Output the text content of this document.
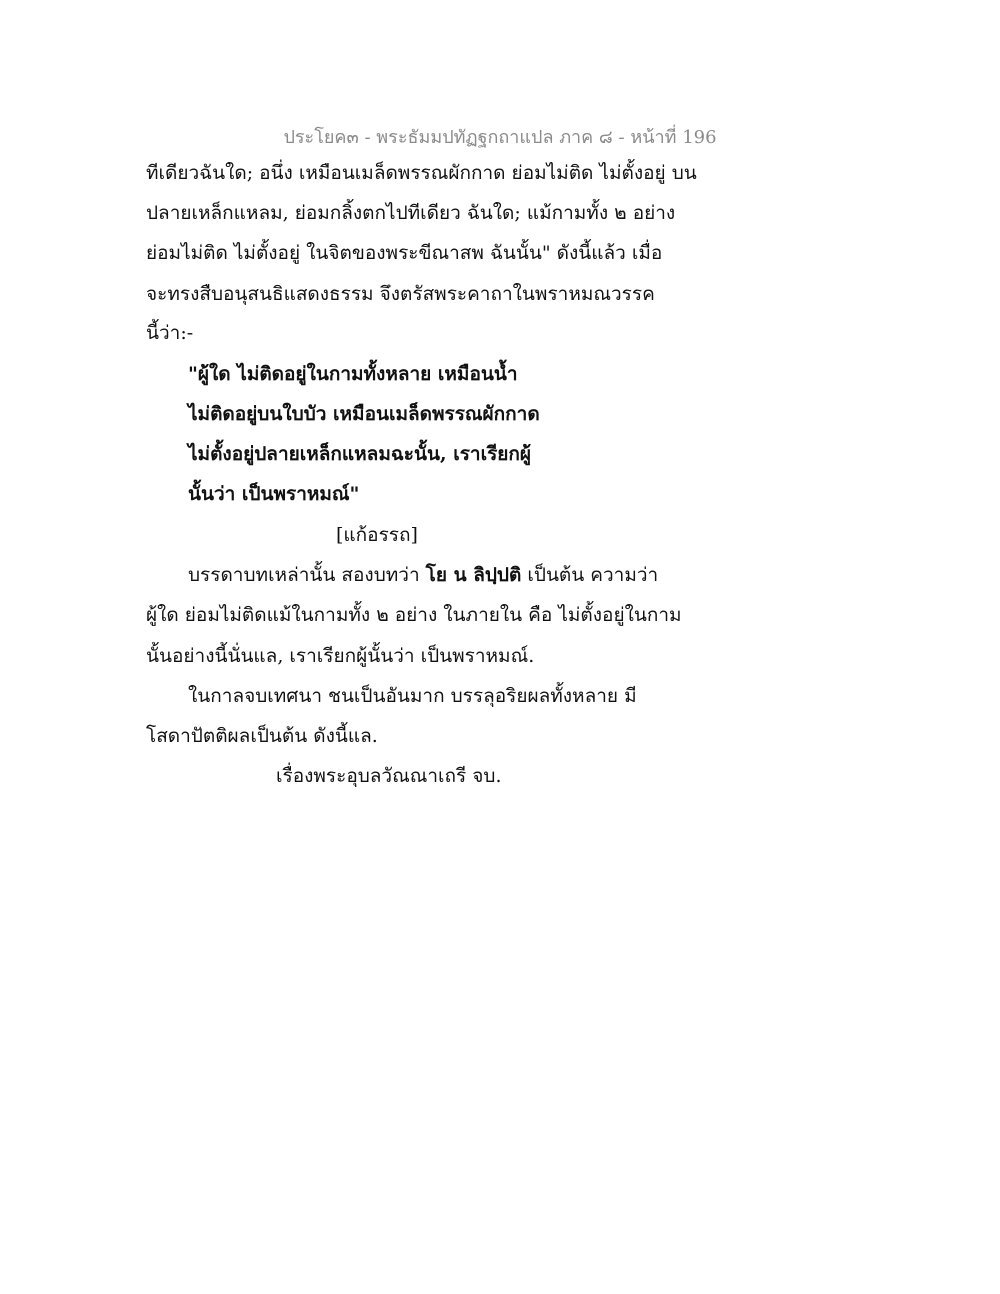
ประโยค๓ - พระธัมมปทัฏฐกถาแปล ภาค ๘ - หน้าที่ 196
ทีเดียวฉันใด; อนึ่ง เหมือนเมล็ดพรรณผักกาด ย่อมไม่ติด ไม่ตั้งอยู่ บน
ปลายเหล็กแหลม, ย่อมกลิ้งตกไปทีเดียว ฉันใด; แม้กามทั้ง ๒ อย่าง
ย่อมไม่ติด ไม่ตั้งอยู่ ในจิตของพระขีณาสพ ฉันนั้น" ดังนี้แล้ว เมื่อ
จะทรงสืบอนุสนธิแสดงธรรม จึงตรัสพระคาถาในพราหมณวรรค
นี้ว่า:-
"ผู้ใด ไม่ติดอยู่ในกามทั้งหลาย เหมือนน้ำ
ไม่ติดอยู่บนใบบัว เหมือนเมล็ดพรรณผักกาด
ไม่ตั้งอยู่ปลายเหล็กแหลมฉะนั้น, เราเรียกผู้
นั้นว่า เป็นพราหมณ์"
[แก้อรรถ]
บรรดาบทเหล่านั้น สองบทว่า โย น ลิปฺปติ เป็นต้น ความว่า
ผู้ใด ย่อมไม่ติดแม้ในกามทั้ง ๒ อย่าง ในภายใน คือ ไม่ตั้งอยู่ในกาม
นั้นอย่างนี้นั่นแล, เราเรียกผู้นั้นว่า เป็นพราหมณ์.
ในกาลจบเทศนา ชนเป็นอันมาก บรรลุอริยผลทั้งหลาย มี
โสดาปัตติผลเป็นต้น ดังนี้แล.
เรื่องพระอุบลวัณณาเถรี จบ.
